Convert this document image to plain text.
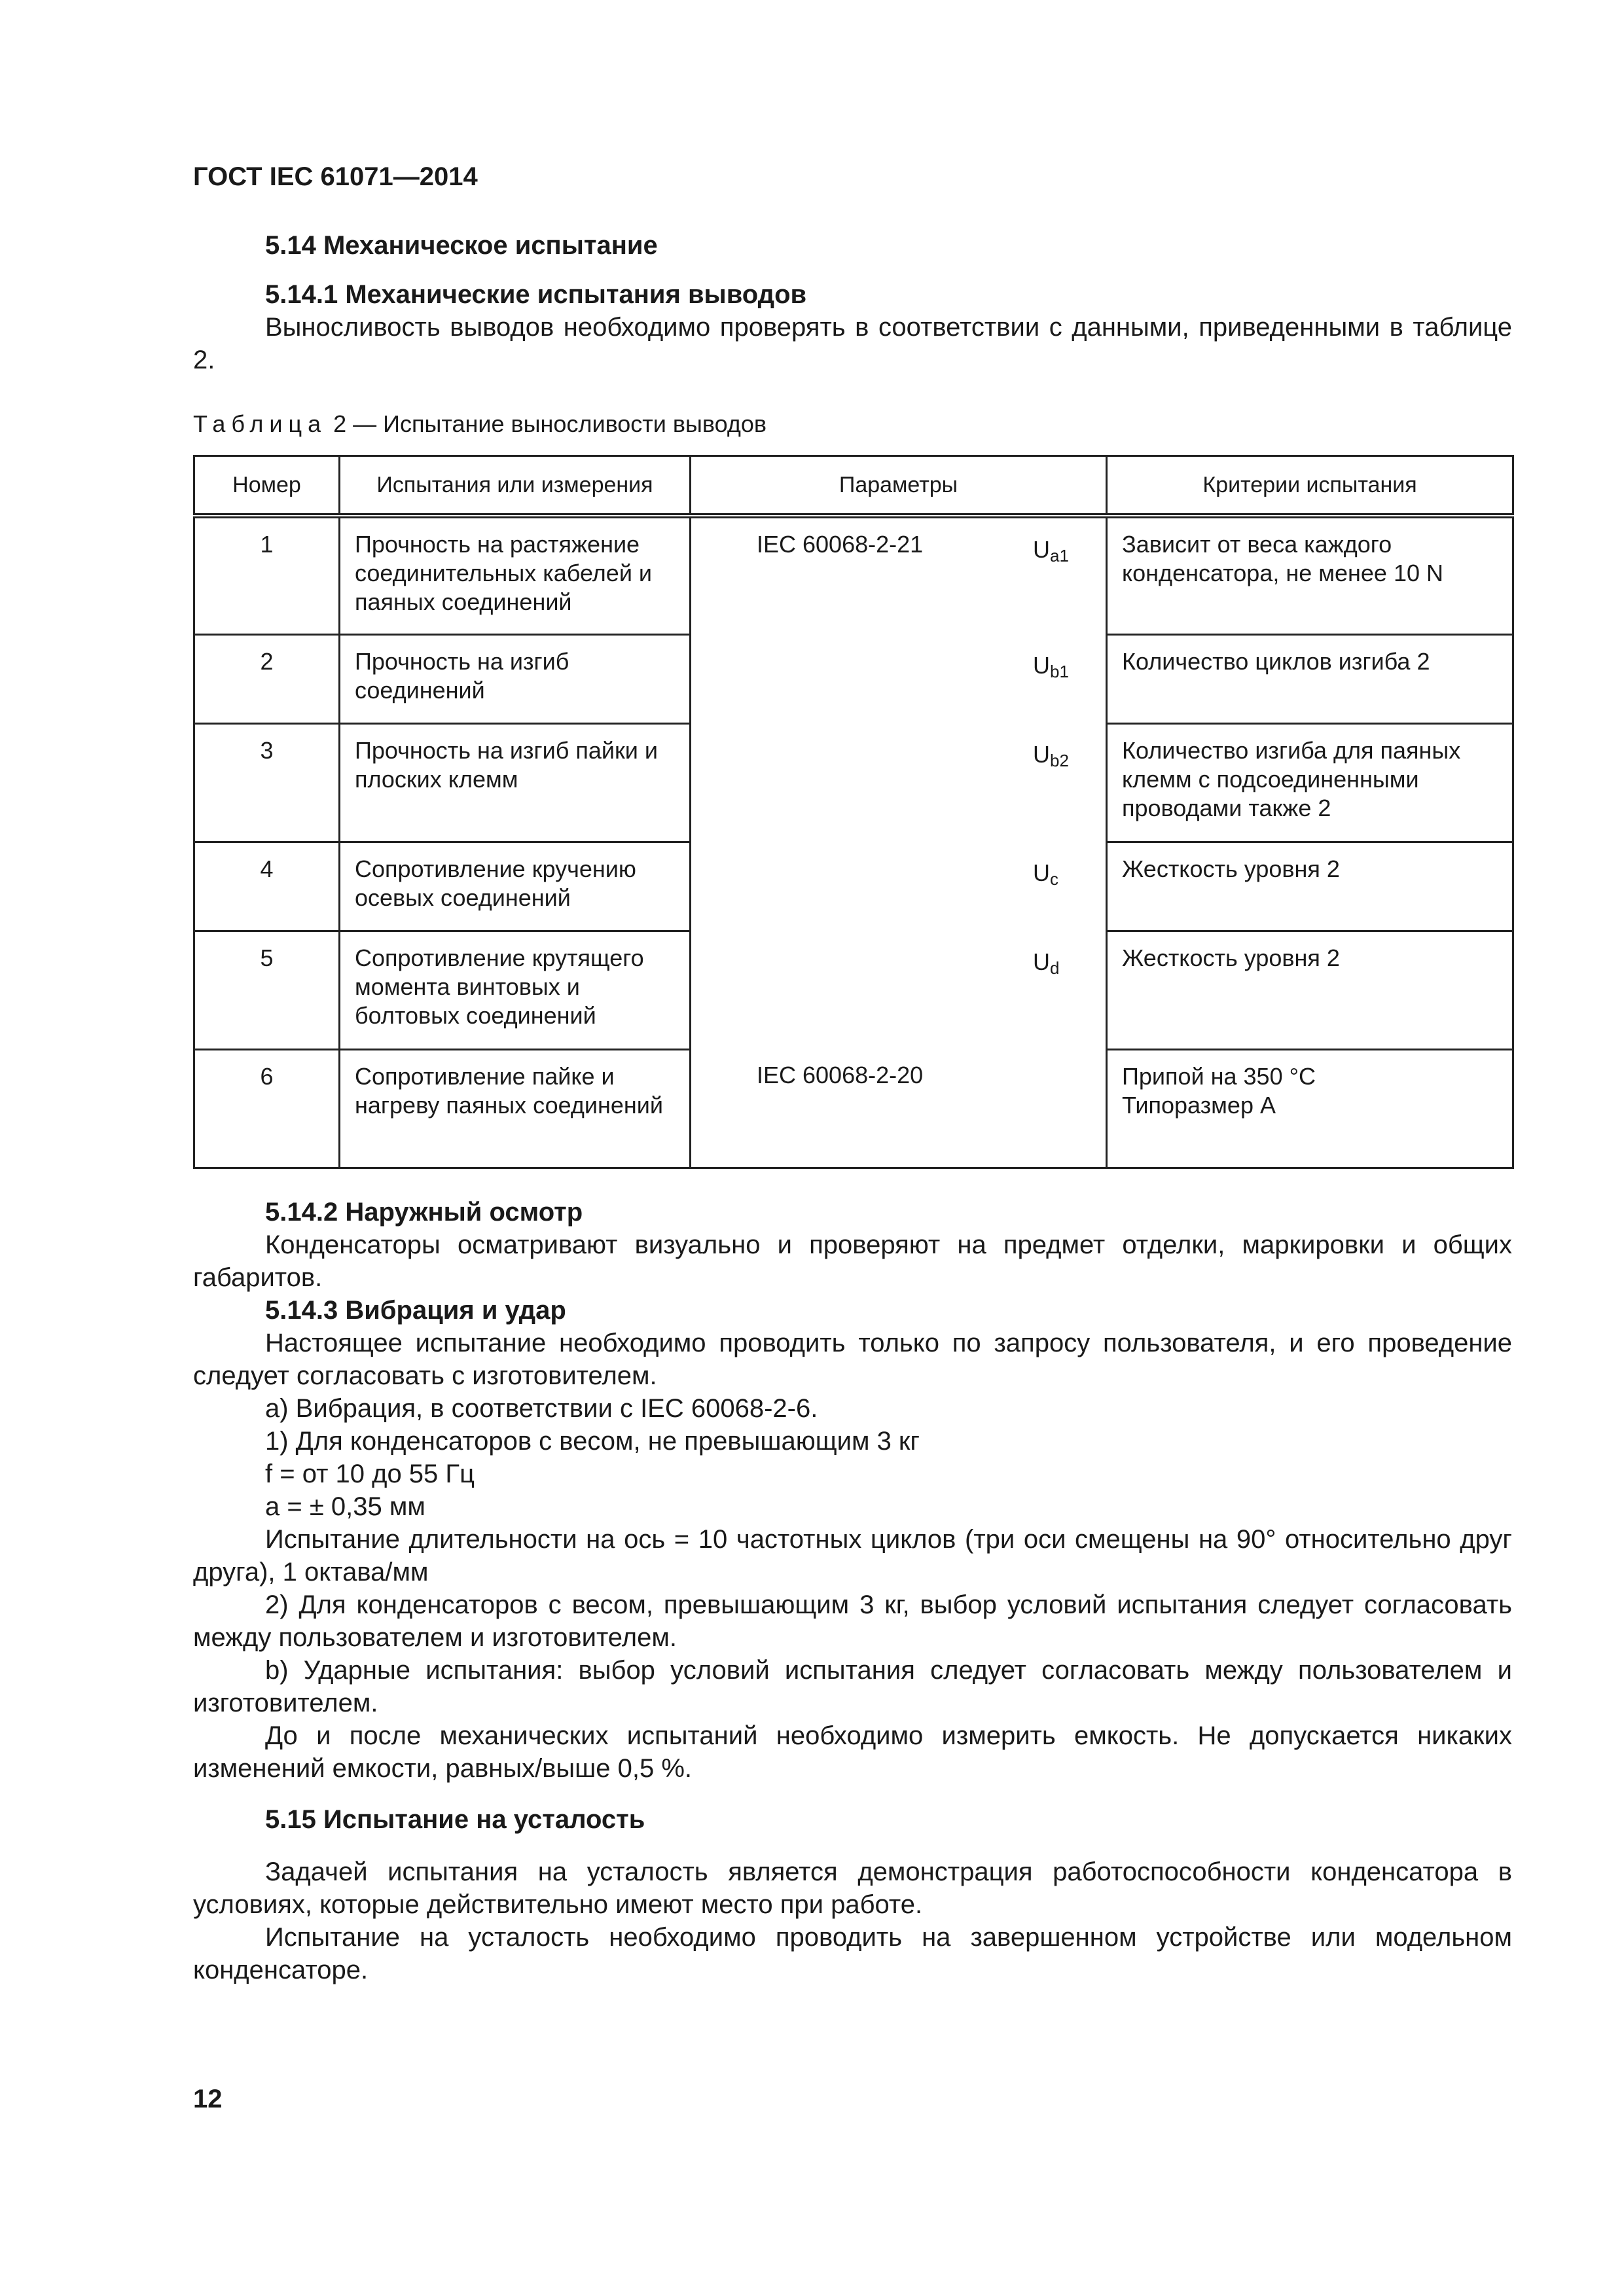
ГОСТ IEC 61071—2014
5.14 Механическое испытание
5.14.1 Механические испытания выводов

Выносливость выводов необходимо проверять в соответствии с данными, приведенными в таблице 2.

Таблица 2 — Испытание выносливости выводов
Номер	Испытания или измерения	Параметры	Критерии испытания
1	Прочность на растяжение соединительных кабелей и паяных соединений	IEC 60068-2-21 $U_{a1}$	Зависит от веса каждого конденсатора, не менее 10 N
2	Прочность на изгиб соединений	$U_{b1}$	Количество циклов изгиба 2
3	Прочность на изгиб пайки и плоских клемм	$U_{b2}$	Количество изгиба для паяных клемм с подсоединенными проводами также 2
4	Сопротивление кручению осевых соединений	$U_c$	Жесткость уровня 2
5	Сопротивление крутящего момента винтовых и болтовых соединений	$U_d$	Жесткость уровня 2
6	Сопротивление пайке и нагреву паяных соединений	IEC 60068-2-20	Припой на 350 °С
Типоразмер А
5.14.2 Наружный осмотр

Конденсаторы осматривают визуально и проверяют на предмет отделки, маркировки и общих габаритов.

5.14.3 Вибрация и удар

Настоящее испытание необходимо проводить только по запросу пользователя, и его проведение следует согласовать с изготовителем.

а) Вибрация, в соответствии с IEC 60068-2-6.

1) Для конденсаторов с весом, не превышающим 3 кг

f = от 10 до 55 Гц

а = ± 0,35 мм

Испытание длительности на ось = 10 частотных циклов (три оси смещены на 90° относительно друг друга), 1 октава/мм

2) Для конденсаторов с весом, превышающим 3 кг, выбор условий испытания следует согласовать между пользователем и изготовителем.

b) Ударные испытания: выбор условий испытания следует согласовать между пользователем и изготовителем.

До и после механических испытаний необходимо измерить емкость. Не допускается никаких изменений емкости, равных/выше 0,5 %.

5.15 Испытание на усталость

Задачей испытания на усталость является демонстрация работоспособности конденсатора в условиях, которые действительно имеют место при работе.

Испытание на усталость необходимо проводить на завершенном устройстве или модельном конденсаторе.

12
